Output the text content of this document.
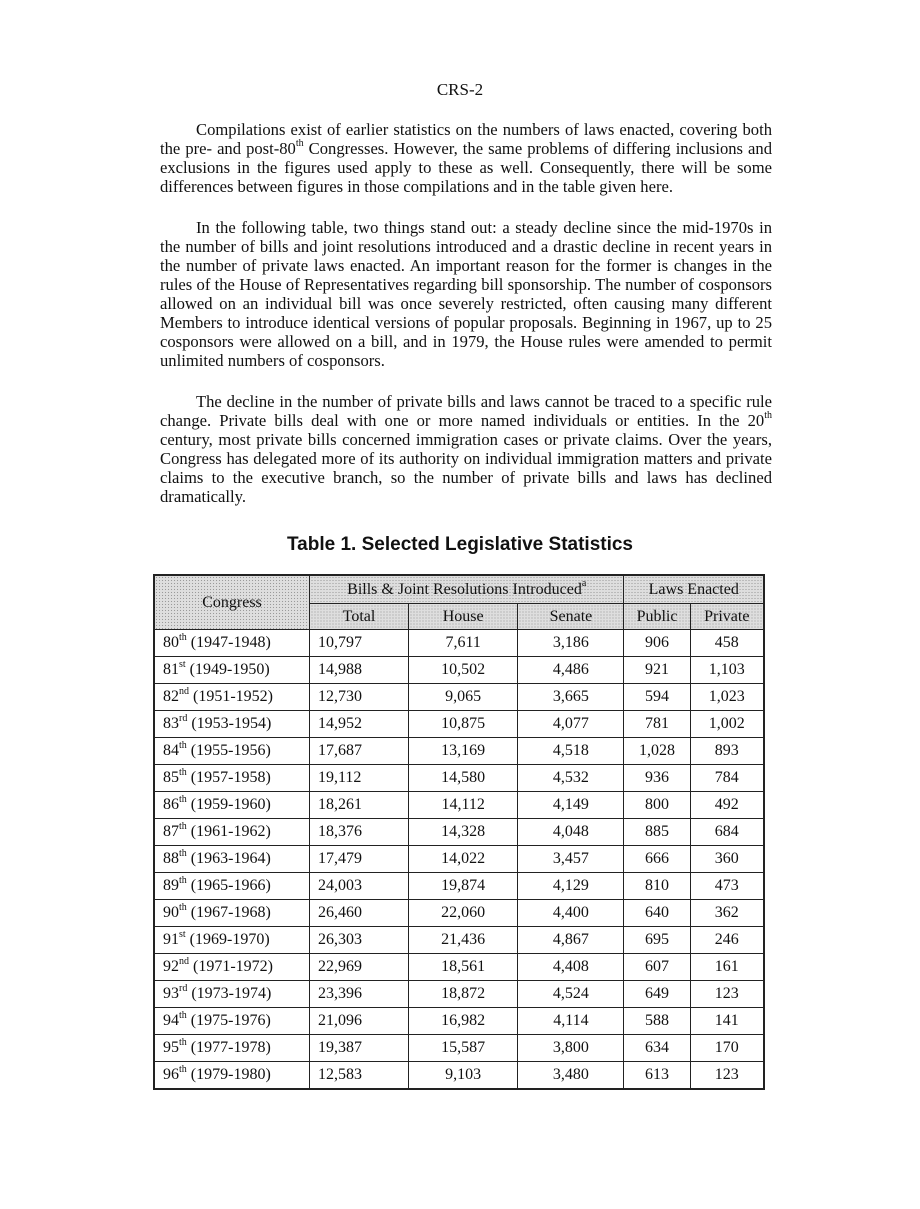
CRS-2

Compilations exist of earlier statistics on the numbers of laws enacted, covering both the pre- and post-80th Congresses. However, the same problems of differing inclusions and exclusions in the figures used apply to these as well. Consequently, there will be some differences between figures in those compilations and in the table given here.

In the following table, two things stand out: a steady decline since the mid-1970s in the number of bills and joint resolutions introduced and a drastic decline in recent years in the number of private laws enacted. An important reason for the former is changes in the rules of the House of Representatives regarding bill sponsorship. The number of cosponsors allowed on an individual bill was once severely restricted, often causing many different Members to introduce identical versions of popular proposals. Beginning in 1967, up to 25 cosponsors were allowed on a bill, and in 1979, the House rules were amended to permit unlimited numbers of cosponsors.

The decline in the number of private bills and laws cannot be traced to a specific rule change. Private bills deal with one or more named individuals or entities. In the 20th century, most private bills concerned immigration cases or private claims. Over the years, Congress has delegated more of its authority on individual immigration matters and private claims to the executive branch, so the number of private bills and laws has declined dramatically.

Table 1. Selected Legislative Statistics
Congress	Bills & Joint Resolutions Introduced$^a$			Laws Enacted	
	Total	House	Senate	Public	Private
80th (1947-1948)	10,797	7,611	3,186	906	458
81st (1949-1950)	14,988	10,502	4,486	921	1,103
82nd (1951-1952)	12,730	9,065	3,665	594	1,023
83rd (1953-1954)	14,952	10,875	4,077	781	1,002
84th (1955-1956)	17,687	13,169	4,518	1,028	893
85th (1957-1958)	19,112	14,580	4,532	936	784
86th (1959-1960)	18,261	14,112	4,149	800	492
87th (1961-1962)	18,376	14,328	4,048	885	684
88th (1963-1964)	17,479	14,022	3,457	666	360
89th (1965-1966)	24,003	19,874	4,129	810	473
90th (1967-1968)	26,460	22,060	4,400	640	362
91st (1969-1970)	26,303	21,436	4,867	695	246
92nd (1971-1972)	22,969	18,561	4,408	607	161
93rd (1973-1974)	23,396	18,872	4,524	649	123
94th (1975-1976)	21,096	16,982	4,114	588	141
95th (1977-1978)	19,387	15,587	3,800	634	170
96th (1979-1980)	12,583	9,103	3,480	613	123
